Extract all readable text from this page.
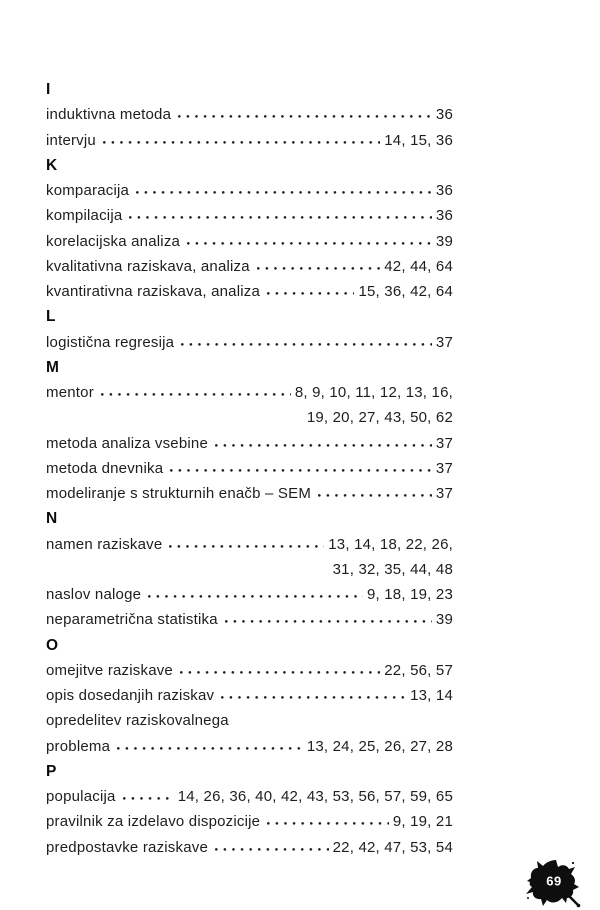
I
induktivna metoda	36
intervju	14, 15, 36
K
komparacija	36
kompilacija	36
korelacijska analiza	39
kvalitativna raziskava, analiza	42, 44, 64
kvantirativna raziskava, analiza	15, 36, 42, 64
L
logistična regresija	37
M
mentor	8, 9, 10, 11, 12, 13, 16,
19, 20, 27, 43, 50, 62
metoda analiza vsebine	37
metoda dnevnika	37
modeliranje s strukturnih enačb – SEM	37
N
namen raziskave	13, 14, 18, 22, 26,
31, 32, 35, 44, 48
naslov naloge	9, 18, 19, 23
neparametrična statistika	39
O
omejitve raziskave	22, 56, 57
opis dosedanjih raziskav	13, 14
opredelitev raziskovalnega
problema	13, 24, 25, 26, 27, 28
P
populacija	14, 26, 36, 40, 42, 43, 53, 56, 57, 59, 65
pravilnik za izdelavo dispozicije	9, 19, 21
predpostavke raziskave	22, 42, 47, 53, 54
69
